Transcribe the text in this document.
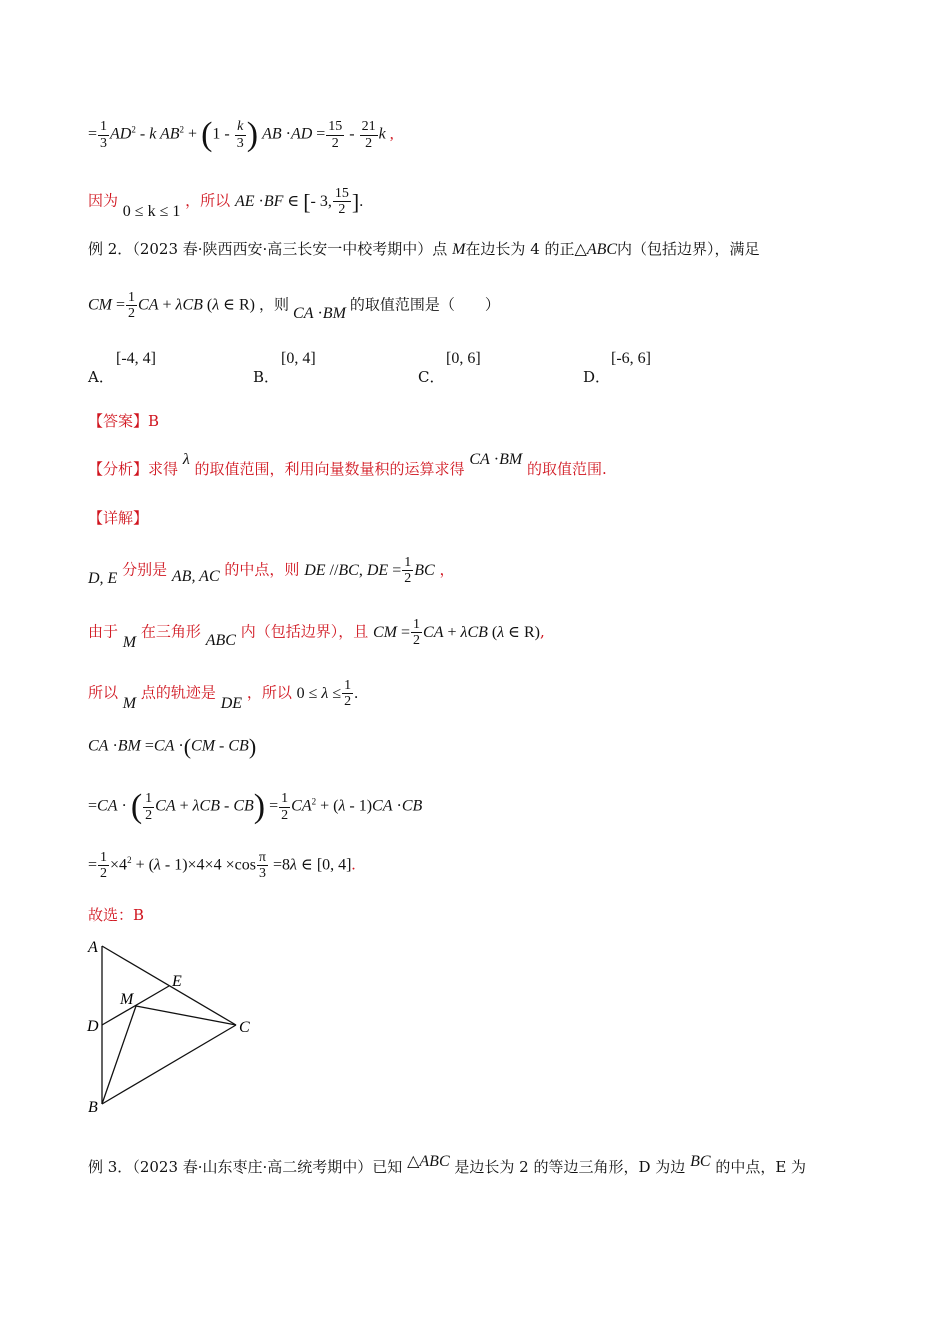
= $\frac{1}{3} AD^2$ - k $AB^2 + (1 - \frac{k}{3}$ ) AB $\cdot AD = \frac{15}{2} - \frac{21}{2}$ k ,
因为 0 ≤ k ≤ 1 ，所以 AE ·BF ∈ [- 3, $\frac{15}{2}$ ].
例 2．（2023 春·陕西西安·高三长安一中校考期中）点 M在边长为 4 的正△ABC内（包括边界），满足
CM = $\frac{1}{2}$ CA + λCB (λ ∈ R) ，则 CA ·BM 的取值范围是（　　）
A．
[-4, 4]
B．
[0, 4]
C．
[0, 6]
D．
[-6, 6]
【答案】B
【分析】求得 λ 的取值范围，利用向量数量积的运算求得 CA ·BM 的取值范围.
【详解】
D, E 分别是 AB, AC 的中点，则 DE //BC, DE = $\frac{1}{2}$ BC ，
由于 M 在三角形 ABC 内（包括边界），且 CM = $\frac{1}{2}$ CA + λCB (λ ∈ R),
所以 M 点的轨迹是 DE ，所以 $0 \le \lambda \le \frac{1}{2}$ .
CA ·BM =CA ·(CM - CB)
=CA · ( $\frac{1}{2}$ CA + $\lambda CB - CB) = \frac{1}{2} CA^2 + (\lambda - 1)CA \cdot CB$
= $\frac{1}{2} \times 4^2 + (\lambda - 1)\times 4\times 4 \times\cos \frac{\pi}{3} =8\lambda$ ∈ [0, 4].
故选：B
A
E
M
D	C
B
例 3．（2023 春·山东枣庄·高二统考期中）已知 △ABC 是边长为 2 的等边三角形，D 为边 BC 的中点，E 为
